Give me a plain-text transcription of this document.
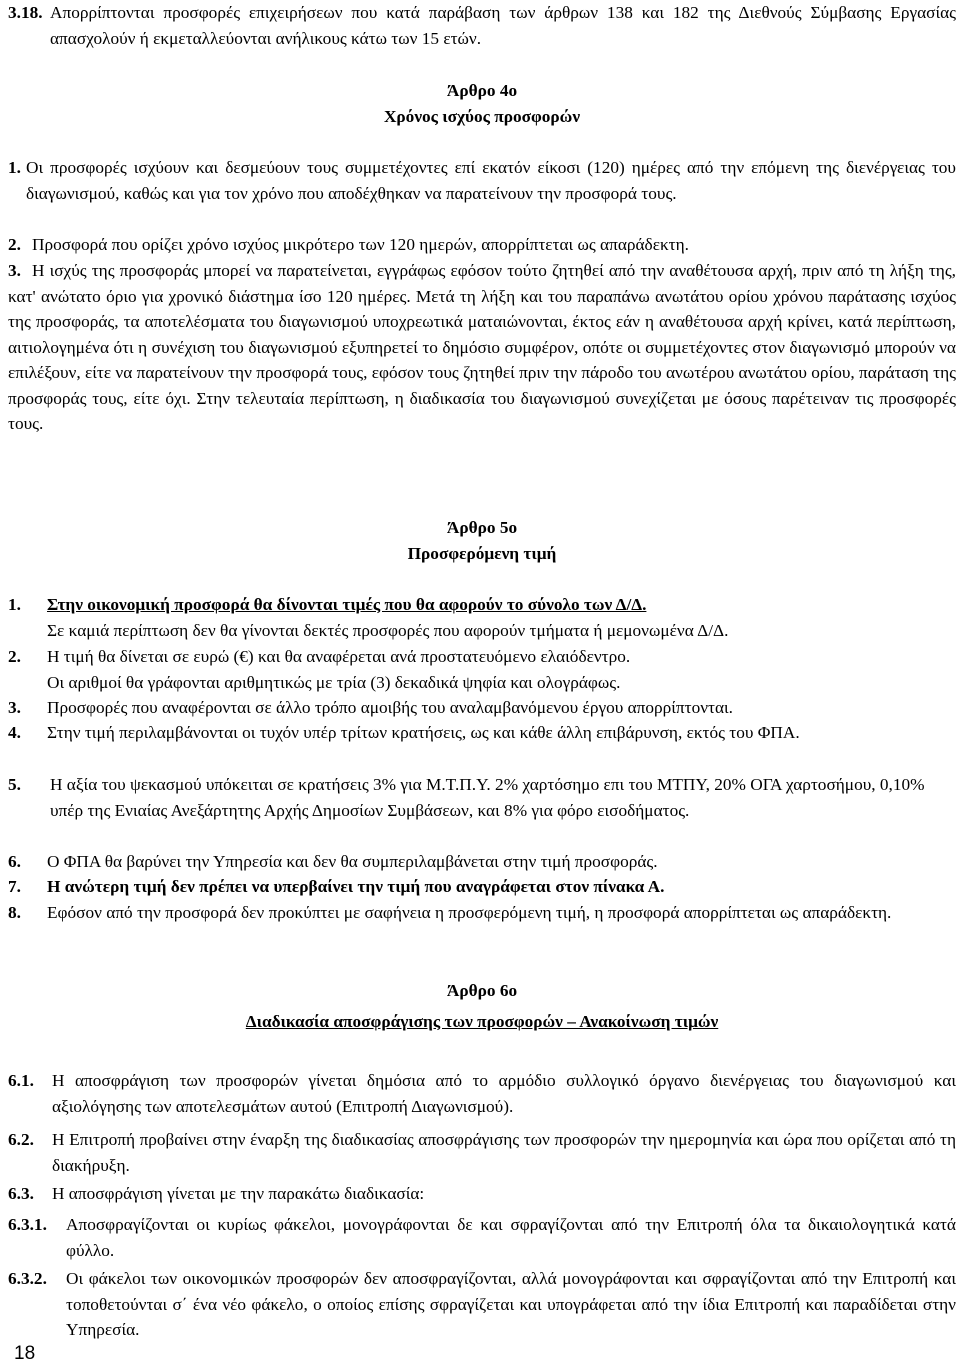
3.18. Απορρίπτονται προσφορές επιχειρήσεων που κατά παράβαση των άρθρων 138 και 182 της Διεθνούς Σύμβασης Εργασίας απασχολούν ή εκμεταλλεύονται ανήλικους κάτω των 15 ετών.
Άρθρο 4ο
Χρόνος ισχύος προσφορών
1. Οι προσφορές ισχύουν και δεσμεύουν τους συμμετέχοντες επί εκατόν είκοσι (120) ημέρες από την επόμενη της διενέργειας του διαγωνισμού, καθώς και για τον χρόνο που αποδέχθηκαν να παρατείνουν την προσφορά τους.
2. Προσφορά που ορίζει χρόνο ισχύος μικρότερο των 120 ημερών, απορρίπτεται ως απαράδεκτη.
3. Η ισχύς της προσφοράς μπορεί να παρατείνεται, εγγράφως εφόσον τούτο ζητηθεί από την αναθέτουσα αρχή, πριν από τη λήξη της, κατ' ανώτατο όριο για χρονικό διάστημα ίσο 120 ημέρες. Μετά τη λήξη και του παραπάνω ανωτάτου ορίου χρόνου παράτασης ισχύος της προσφοράς, τα αποτελέσματα του διαγωνισμού υποχρεωτικά ματαιώνονται, έκτος εάν η αναθέτουσα αρχή κρίνει, κατά περίπτωση, αιτιολογημένα ότι η συνέχιση του διαγωνισμού εξυπηρετεί το δημόσιο συμφέρον, οπότε οι συμμετέχοντες στον διαγωνισμό μπορούν να επιλέξουν, είτε να παρατείνουν την προσφορά τους, εφόσον τους ζητηθεί πριν την πάροδο του ανωτέρου ανωτάτου ορίου, παράταση της προσφοράς τους, είτε όχι. Στην τελευταία περίπτωση, η διαδικασία του διαγωνισμού συνεχίζεται με όσους παρέτειναν τις προσφορές τους.
Άρθρο 5ο
Προσφερόμενη τιμή
1.	Στην οικονομική προσφορά θα δίνονται τιμές που θα αφορούν το σύνολο των Δ/Δ.
Σε καμιά περίπτωση δεν θα γίνονται δεκτές προσφορές που αφορούν τμήματα ή μεμονωμένα Δ/Δ.
2.	Η τιμή θα δίνεται σε ευρώ (€) και θα αναφέρεται ανά προστατευόμενο ελαιόδεντρο.
Οι αριθμοί θα γράφονται αριθμητικώς με τρία (3) δεκαδικά ψηφία και ολογράφως.
3.	Προσφορές που αναφέρονται σε άλλο τρόπο αμοιβής του αναλαμβανόμενου έργου απορρίπτονται.
4.	Στην τιμή περιλαμβάνονται οι τυχόν υπέρ τρίτων κρατήσεις, ως και κάθε άλλη επιβάρυνση, εκτός του ΦΠΑ.
5.	Η αξία του ψεκασμού υπόκειται σε κρατήσεις 3% για Μ.Τ.Π.Υ. 2% χαρτόσημο επι του ΜΤΠΥ, 20% ΟΓΑ χαρτοσήμου, 0,10% υπέρ της Ενιαίας Ανεξάρτητης Αρχής Δημοσίων Συμβάσεων, και 8% για φόρο εισοδήματος.
6.	Ο ΦΠΑ θα βαρύνει την Υπηρεσία και δεν θα συμπεριλαμβάνεται στην τιμή προσφοράς.
7.	Η ανώτερη τιμή δεν πρέπει να υπερβαίνει την τιμή που αναγράφεται στον πίνακα Α.
8.	Εφόσον από την προσφορά δεν προκύπτει με σαφήνεια η προσφερόμενη τιμή, η προσφορά απορρίπτεται ως απαράδεκτη.
Άρθρο 6ο
Διαδικασία αποσφράγισης των προσφορών – Ανακοίνωση τιμών
6.1.	Η αποσφράγιση των προσφορών γίνεται δημόσια από το αρμόδιο συλλογικό όργανο διενέργειας του διαγωνισμού και αξιολόγησης των αποτελεσμάτων αυτού (Επιτροπή Διαγωνισμού).
6.2.	Η Επιτροπή προβαίνει στην έναρξη της διαδικασίας αποσφράγισης των προσφορών την ημερομηνία και ώρα που ορίζεται από τη διακήρυξη.
6.3.	Η αποσφράγιση γίνεται με την παρακάτω διαδικασία:
6.3.1.	Αποσφραγίζονται οι κυρίως φάκελοι, μονογράφονται δε και σφραγίζονται από την Επιτροπή όλα τα δικαιολογητικά κατά φύλλο.
6.3.2.	Οι φάκελοι των οικονομικών προσφορών δεν αποσφραγίζονται, αλλά μονογράφονται και σφραγίζονται από την Επιτροπή και τοποθετούνται σ΄ ένα νέο φάκελο, ο οποίος επίσης σφραγίζεται και υπογράφεται από την ίδια Επιτροπή και παραδίδεται στην Υπηρεσία.
18
